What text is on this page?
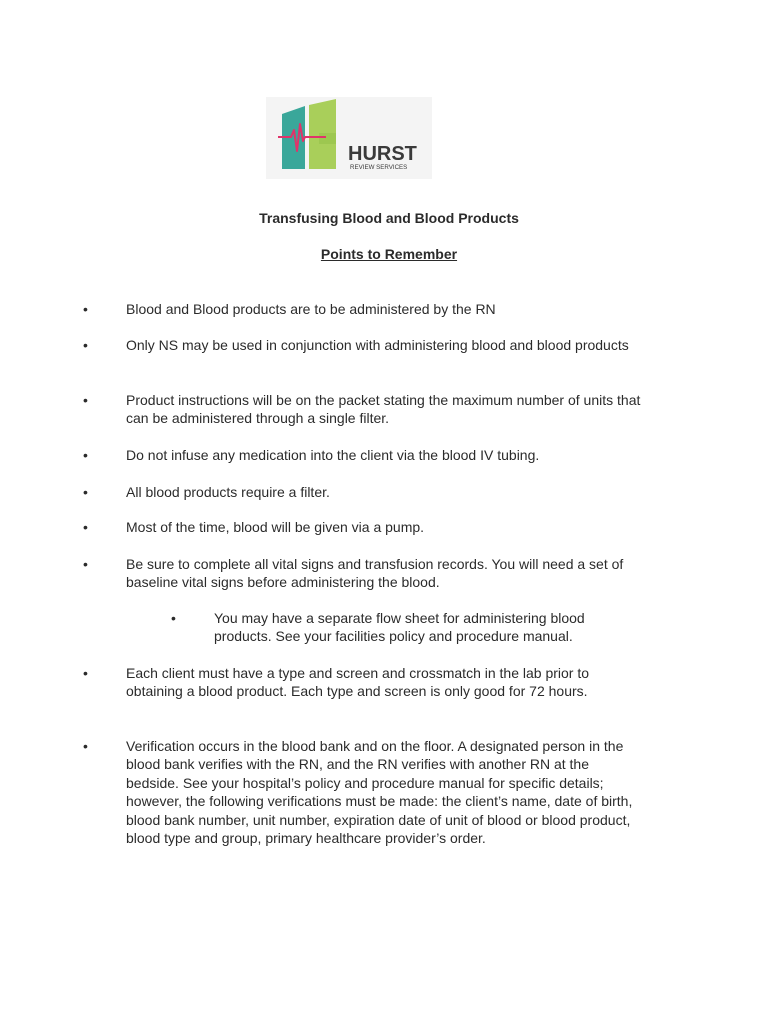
HURST
REVIEW SERVICES
Transfusing Blood and Blood Products
Points to Remember
•	Blood and Blood products are to be administered by the RN
•	Only NS may be used in conjunction with administering blood and blood products
•	Product instructions will be on the packet stating the maximum number of units that can be administered through a single filter.
•	Do not infuse any medication into the client via the blood IV tubing.
•	All blood products require a filter.
•	Most of the time, blood will be given via a pump.
•	Be sure to complete all vital signs and transfusion records. You will need a set of baseline vital signs before administering the blood.
•	You may have a separate flow sheet for administering blood products. See your facilities policy and procedure manual.
•	Each client must have a type and screen and crossmatch in the lab prior to obtaining a blood product. Each type and screen is only good for 72 hours.
•	Verification occurs in the blood bank and on the floor. A designated person in the blood bank verifies with the RN, and the RN verifies with another RN at the bedside. See your hospital’s policy and procedure manual for specific details; however, the following verifications must be made: the client’s name, date of birth, blood bank number, unit number, expiration date of unit of blood or blood product, blood type and group, primary healthcare provider’s order.
